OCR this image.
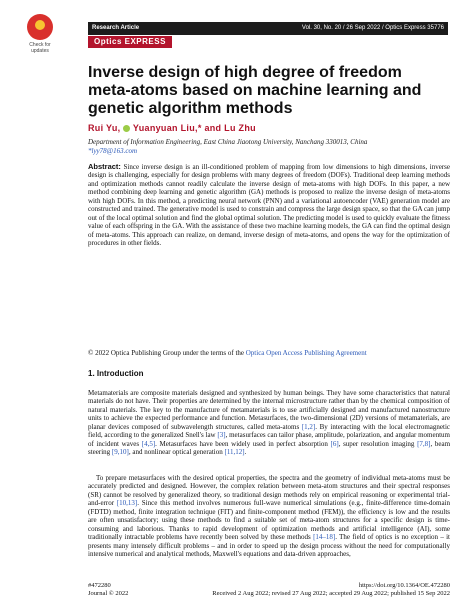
Check for updates
Research Article	Vol. 30, No. 20 / 26 Sep 2022 / Optics Express 35776
Optics EXPRESS
Inverse design of high degree of freedom meta-atoms based on machine learning and genetic algorithm methods
Rui Yu, Yuanyuan Liu,* and Lu Zhu
Department of Information Engineering, East China Jiaotong University, Nanchang 330013, China
*lyy78@163.com

Abstract: Since inverse design is an ill-conditioned problem of mapping from low dimensions to high dimensions, inverse design is challenging, especially for design problems with many degrees of freedom (DOFs). Traditional deep learning methods and optimization methods cannot readily calculate the inverse design of meta-atoms with high DOFs. In this paper, a new method combining deep learning and genetic algorithm (GA) methods is proposed to realize the inverse design of meta-atoms with high DOFs. In this method, a predicting neural network (PNN) and a variational autoencoder (VAE) generation model are constructed and trained. The generative model is used to constrain and compress the large design space, so that the GA can jump out of the local optimal solution and find the global optimal solution. The predicting model is used to quickly evaluate the fitness value of each offspring in the GA. With the assistance of these two machine learning models, the GA can find the optimal design of meta-atoms. This approach can realize, on demand, inverse design of meta-atoms, and opens the way for the optimization of procedures in other fields.

© 2022 Optica Publishing Group under the terms of the Optica Open Access Publishing Agreement
1. Introduction

Metamaterials are composite materials designed and synthesized by human beings. They have some characteristics that natural materials do not have. Their properties are determined by the internal microstructure rather than by the chemical composition of natural materials. The key to the manufacture of metamaterials is to use artificially designed and manufactured nanostructure units to achieve the expected performance and function. Metasurfaces, the two-dimensional (2D) versions of metamaterials, are planar devices composed of subwavelength structures, called meta-atoms [1,2]. By interacting with the local electromagnetic field, according to the generalized Snell's law [3], metasurfaces can tailor phase, amplitude, polarization, and angular momentum of incident waves [4,5]. Metasurfaces have been widely used in perfect absorption [6], super resolution imaging [7,8], beam steering [9,10], and nonlinear optical generation [11,12].

To prepare metasurfaces with the desired optical properties, the spectra and the geometry of individual meta-atoms must be accurately predicted and designed. However, the complex relation between meta-atom structures and their spectral responses (SR) cannot be resolved by generalized theory, so traditional design methods rely on empirical reasoning or experimental trial-and-error [10,13]. Since this method involves numerous full-wave numerical simulations (e.g., finite-difference time-domain (FDTD) method, finite integration technique (FIT) and finite-component method (FEM)), the efficiency is low and the results are often unsatisfactory; using these methods to find a suitable set of meta-atom structures for a specific design is time-consuming and laborious. Thanks to rapid development of optimization methods and artificial intelligence (AI), some traditionally intractable problems have recently been solved by these methods [14–18]. The field of optics is no exception – it presents many intensely difficult problems – and in order to speed up the design process without the need for computationally intensive numerical and analytical methods, Maxwell's equations and data-driven approaches,

#472280	https://doi.org/10.1364/OE.472280
Journal © 2022	Received 2 Aug 2022; revised 27 Aug 2022; accepted 29 Aug 2022; published 15 Sep 2022
